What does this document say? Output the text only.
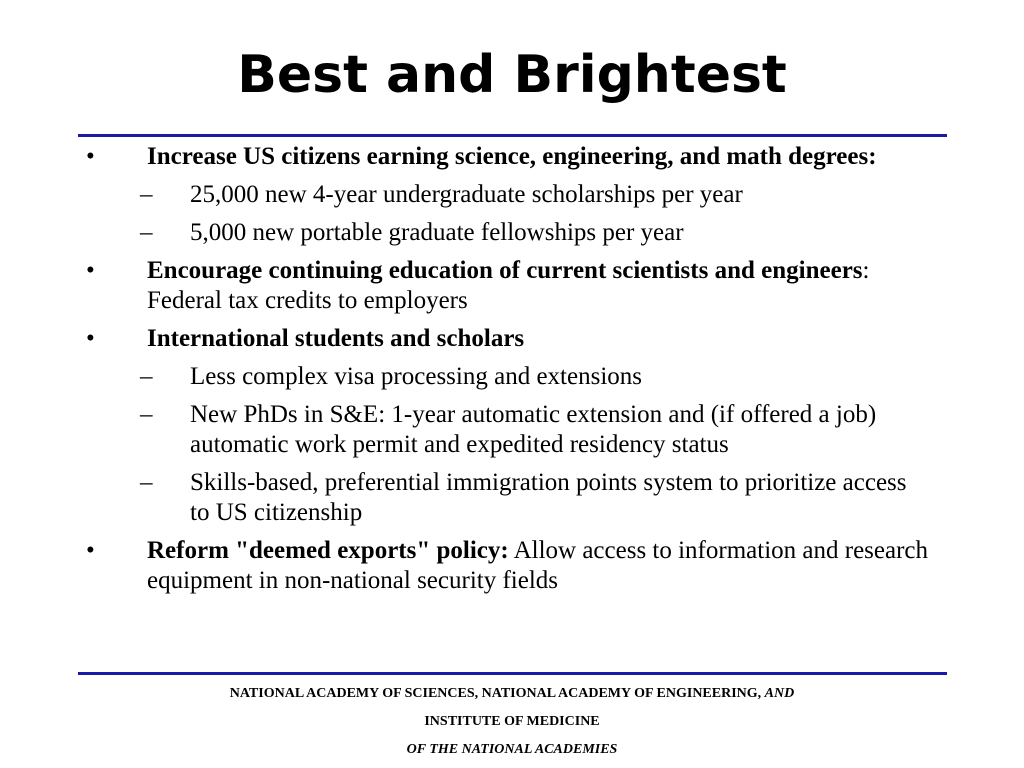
Best and Brightest
• Increase US citizens earning science, engineering, and math degrees:
– 25,000 new 4-year undergraduate scholarships per year
– 5,000 new portable graduate fellowships per year
• Encourage continuing education of current scientists and engineers: Federal tax credits to employers
• International students and scholars
– Less complex visa processing and extensions
– New PhDs in S&E: 1-year automatic extension and (if offered a job) automatic work permit and expedited residency status
– Skills-based, preferential immigration points system to prioritize access to US citizenship
• Reform "deemed exports" policy: Allow access to information and research equipment in non-national security fields
NATIONAL ACADEMY OF SCIENCES, NATIONAL ACADEMY OF ENGINEERING, AND
INSTITUTE OF MEDICINE
OF THE NATIONAL ACADEMIES
